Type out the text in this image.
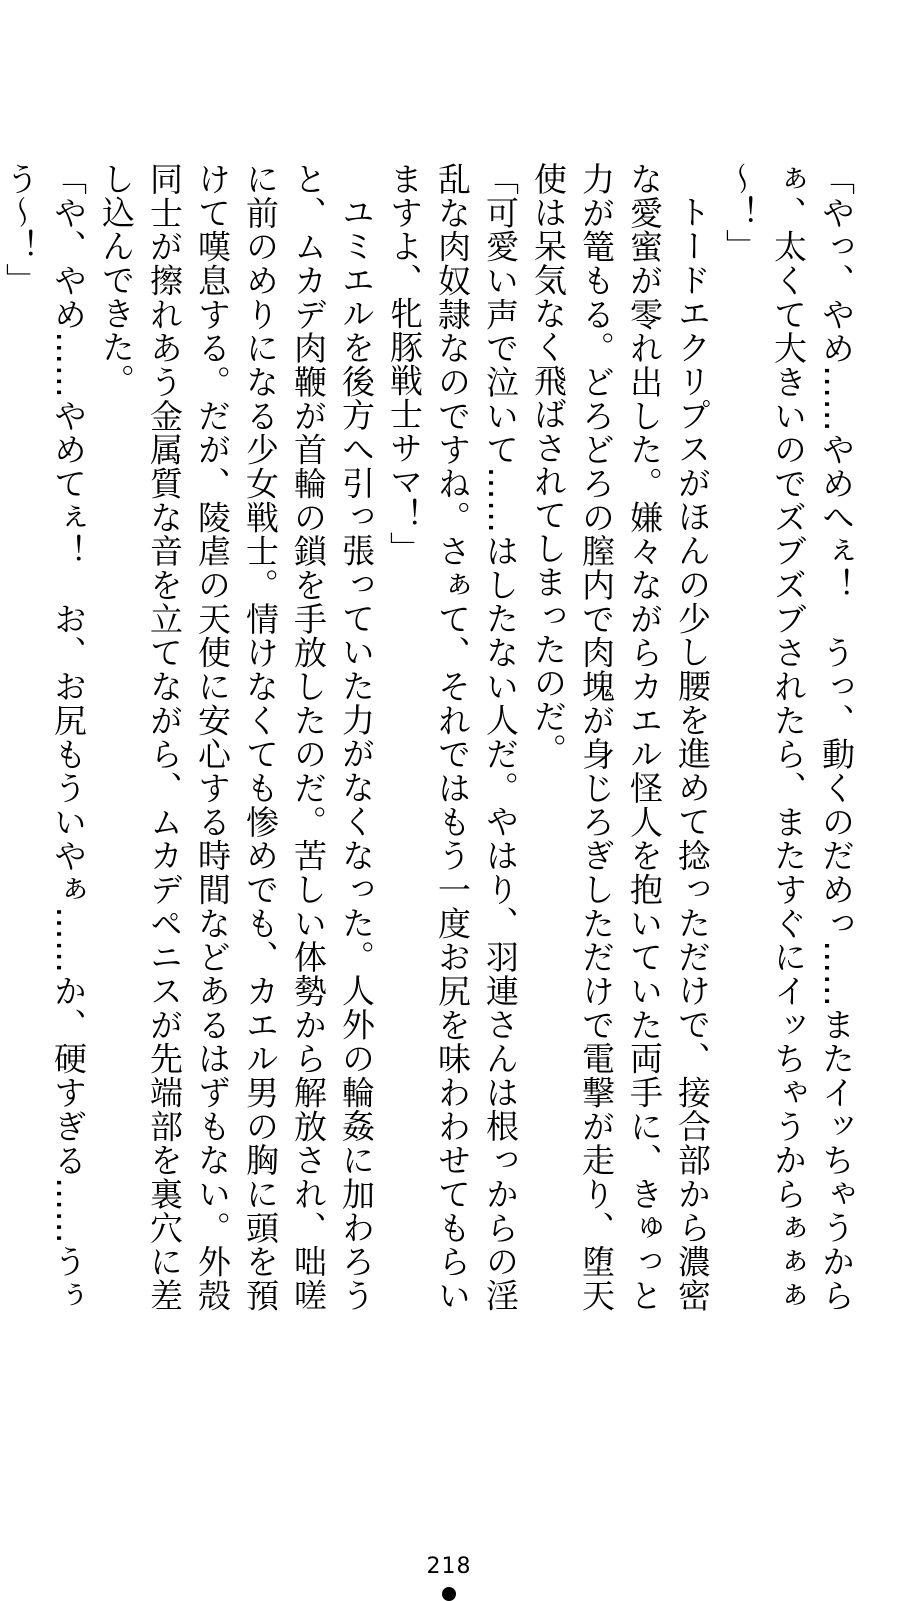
「やっ、やめ……やめへぇ！　うっ、動くのだめっ……またイッちゃうからぁ、太くて大きいのでズブズブされたら、またすぐにイッちゃうからぁぁぁ～！」

トードエクリプスがほんの少し腰を進めて捻っただけで、接合部から濃密な愛蜜が零れ出した。嫌々ながらカエル怪人を抱いていた両手に、きゅっと力が篭もる。どろどろの膣内で肉塊が身じろぎしただけで電撃が走り、堕天使は呆気なく飛ばされてしまったのだ。

「可愛い声で泣いて……はしたない人だ。やはり、羽連さんは根っからの淫乱な肉奴隷なのですね。さぁて、それではもう一度お尻を味わわせてもらいますよ、牝豚戦士サマ！」

ユミエルを後方へ引っ張っていた力がなくなった。人外の輪姦に加わろうと、ムカデ肉鞭が首輪の鎖を手放したのだ。苦しい体勢から解放され、咄嗟に前のめりになる少女戦士。情けなくても惨めでも、カエル男の胸に頭を預けて嘆息する。だが、陵虐の天使に安心する時間などあるはずもない。外殻同士が擦れあう金属質な音を立てながら、ムカデペニスが先端部を裏穴に差し込んできた。

「や、やめ……やめてぇ！　お、お尻もういやぁ……か、硬すぎる……うぅう～！」

218
